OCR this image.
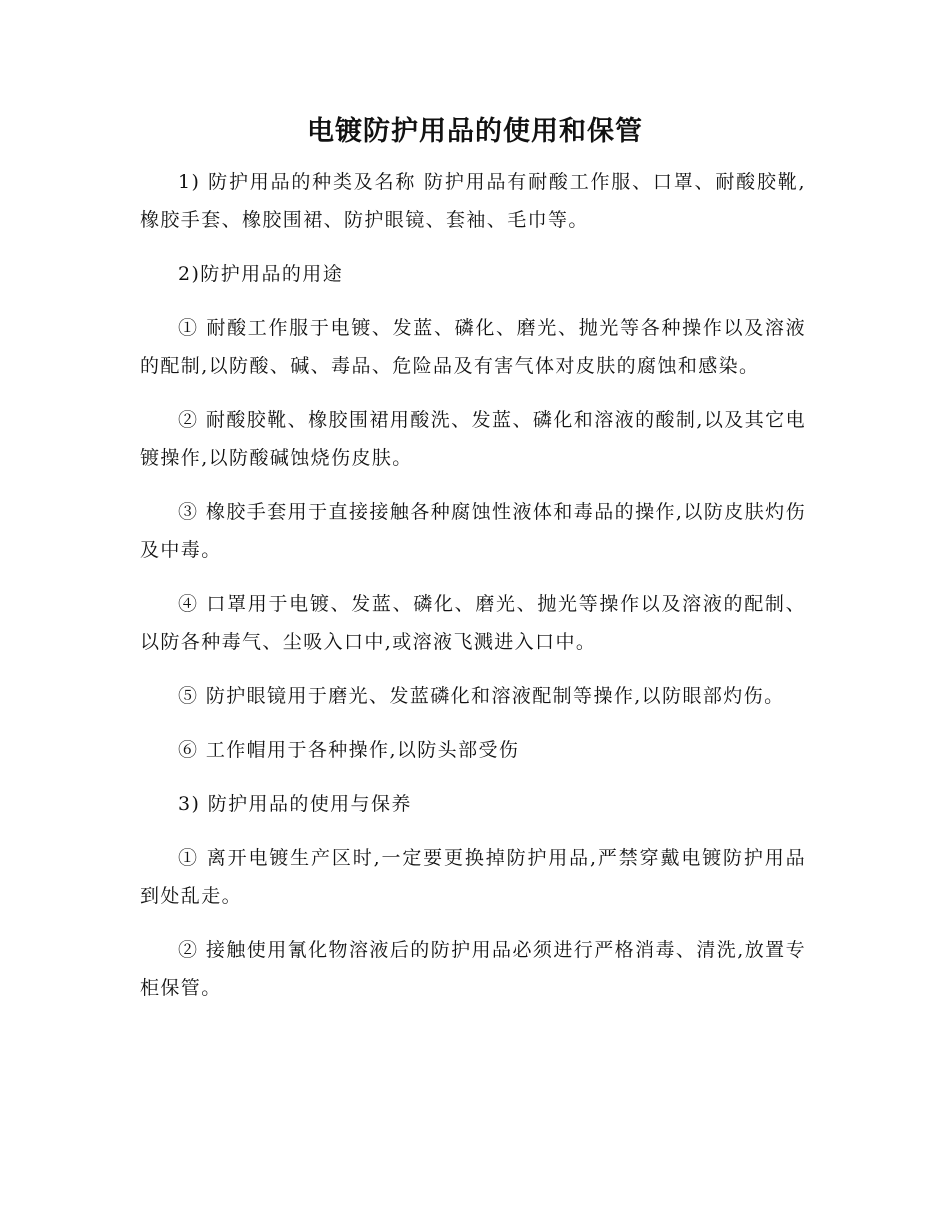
电镀防护用品的使用和保管

1) 防护用品的种类及名称 防护用品有耐酸工作服、口罩、耐酸胶靴,橡胶手套、橡胶围裙、防护眼镜、套袖、毛巾等。

2)防护用品的用途

① 耐酸工作服于电镀、发蓝、磷化、磨光、抛光等各种操作以及溶液的配制,以防酸、碱、毒品、危险品及有害气体对皮肤的腐蚀和感染。

② 耐酸胶靴、橡胶围裙用酸洗、发蓝、磷化和溶液的酸制,以及其它电镀操作,以防酸碱蚀烧伤皮肤。

③ 橡胶手套用于直接接触各种腐蚀性液体和毒品的操作,以防皮肤灼伤及中毒。

④ 口罩用于电镀、发蓝、磷化、磨光、抛光等操作以及溶液的配制、以防各种毒气、尘吸入口中,或溶液飞溅进入口中。

⑤ 防护眼镜用于磨光、发蓝磷化和溶液配制等操作,以防眼部灼伤。

⑥ 工作帽用于各种操作,以防头部受伤

3) 防护用品的使用与保养

① 离开电镀生产区时,一定要更换掉防护用品,严禁穿戴电镀防护用品到处乱走。

② 接触使用氰化物溶液后的防护用品必须进行严格消毒、清洗,放置专柜保管。
